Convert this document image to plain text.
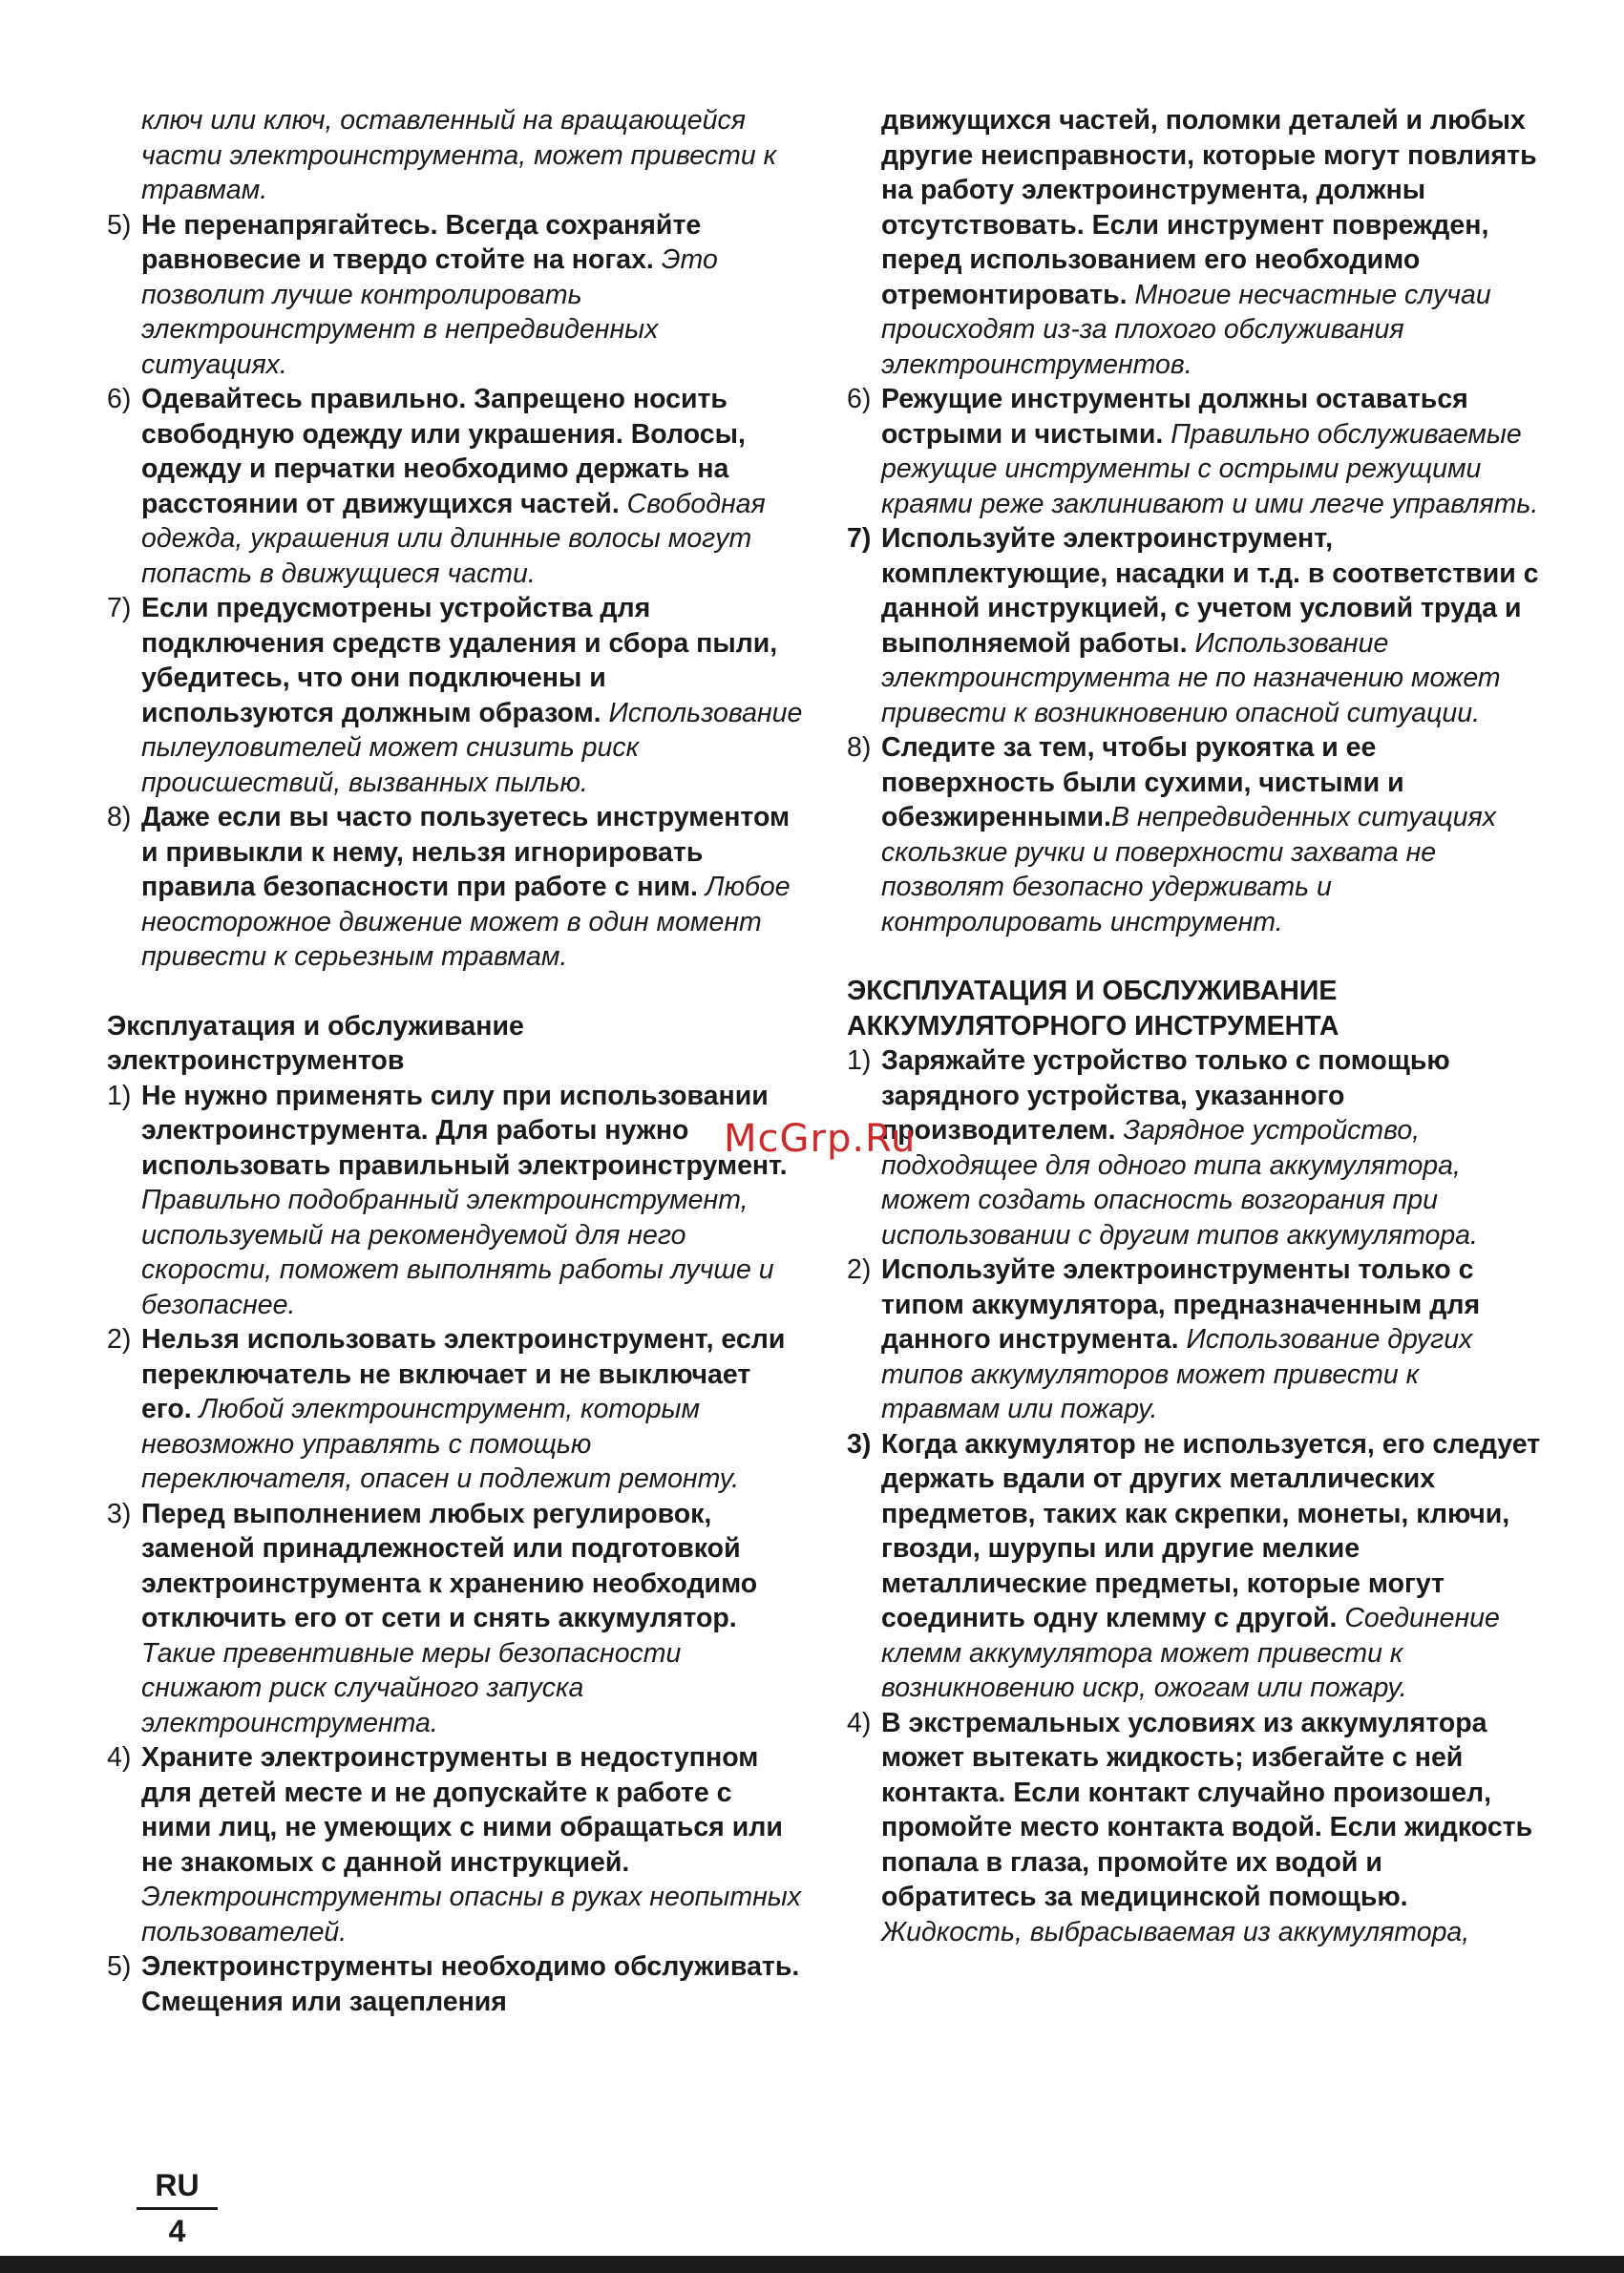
ключ или ключ, оставленный на вращающейся части электроинструмента, может привести к травмам.

5) Не перенапрягайтесь. Всегда сохраняйте равновесие и твердо стойте на ногах. Это позволит лучше контролировать электроинструмент в непредвиденных ситуациях.
6) Одевайтесь правильно. Запрещено носить свободную одежду или украшения. Волосы, одежду и перчатки необходимо держать на расстоянии от движущихся частей. Свободная одежда, украшения или длинные волосы могут попасть в движущиеся части.
7) Если предусмотрены устройства для подключения средств удаления и сбора пыли, убедитесь, что они подключены и используются должным образом. Использование пылеуловителей может снизить риск происшествий, вызванных пылью.
8) Даже если вы часто пользуетесь инструментом и привыкли к нему, нельзя игнорировать правила безопасности при работе с ним. Любое неосторожное движение может в один момент привести к серьезным травмам.
Эксплуатация и обслуживание электроинструментов
1) Не нужно применять силу при использовании электроинструмента. Для работы нужно использовать правильный электроинструмент. Правильно подобранный электроинструмент, используемый на рекомендуемой для него скорости, поможет выполнять работы лучше и безопаснее.
2) Нельзя использовать электроинструмент, если переключатель не включает и не выключает его. Любой электроинструмент, которым невозможно управлять с помощью переключателя, опасен и подлежит ремонту.
3) Перед выполнением любых регулировок, заменой принадлежностей или подготовкой электроинструмента к хранению необходимо отключить его от сети и снять аккумулятор. Такие превентивные меры безопасности снижают риск случайного запуска электроинструмента.
4) Храните электроинструменты в недоступном для детей месте и не допускайте к работе с ними лиц, не умеющих с ними обращаться или не знакомых с данной инструкцией. Электроинструменты опасны в руках неопытных пользователей.
5) Электроинструменты необходимо обслуживать. Смещения или зацепления

движущихся частей, поломки деталей и любых другие неисправности, которые могут повлиять на работу электроинструмента, должны отсутствовать. Если инструмент поврежден, перед использованием его необходимо отремонтировать. Многие несчастные случаи происходят из-за плохого обслуживания электроинструментов.

6) Режущие инструменты должны оставаться острыми и чистыми. Правильно обслуживаемые режущие инструменты с острыми режущими краями реже заклинивают и ими легче управлять.
7) Используйте электроинструмент, комплектующие, насадки и т.д. в соответствии с данной инструкцией, с учетом условий труда и выполняемой работы. Использование электроинструмента не по назначению может привести к возникновению опасной ситуации.
8) Следите за тем, чтобы рукоятка и ее поверхность были сухими, чистыми и обезжиренными.В непредвиденных ситуациях скользкие ручки и поверхности захвата не позволят безопасно удерживать и контролировать инструмент.
ЭКСПЛУАТАЦИЯ И ОБСЛУЖИВАНИЕ АККУМУЛЯТОРНОГО ИНСТРУМЕНТА
1) Заряжайте устройство только с помощью зарядного устройства, указанного производителем. Зарядное устройство, подходящее для одного типа аккумулятора, может создать опасность возгорания при использовании с другим типов аккумулятора.
2) Используйте электроинструменты только с типом аккумулятора, предназначенным для данного инструмента. Использование других типов аккумуляторов может привести к травмам или пожару.
3) Когда аккумулятор не используется, его следует держать вдали от других металлических предметов, таких как скрепки, монеты, ключи, гвозди, шурупы или другие мелкие металлические предметы, которые могут соединить одну клемму с другой. Соединение клемм аккумулятора может привести к возникновению искр, ожогам или пожару.
4) В экстремальных условиях из аккумулятора может вытекать жидкость; избегайте с ней контакта. Если контакт случайно произошел, промойте место контакта водой. Если жидкость попала в глаза, промойте их водой и обратитесь за медицинской помощью. Жидкость, выбрасываемая из аккумулятора,
McGrp.Ru
RU
4
